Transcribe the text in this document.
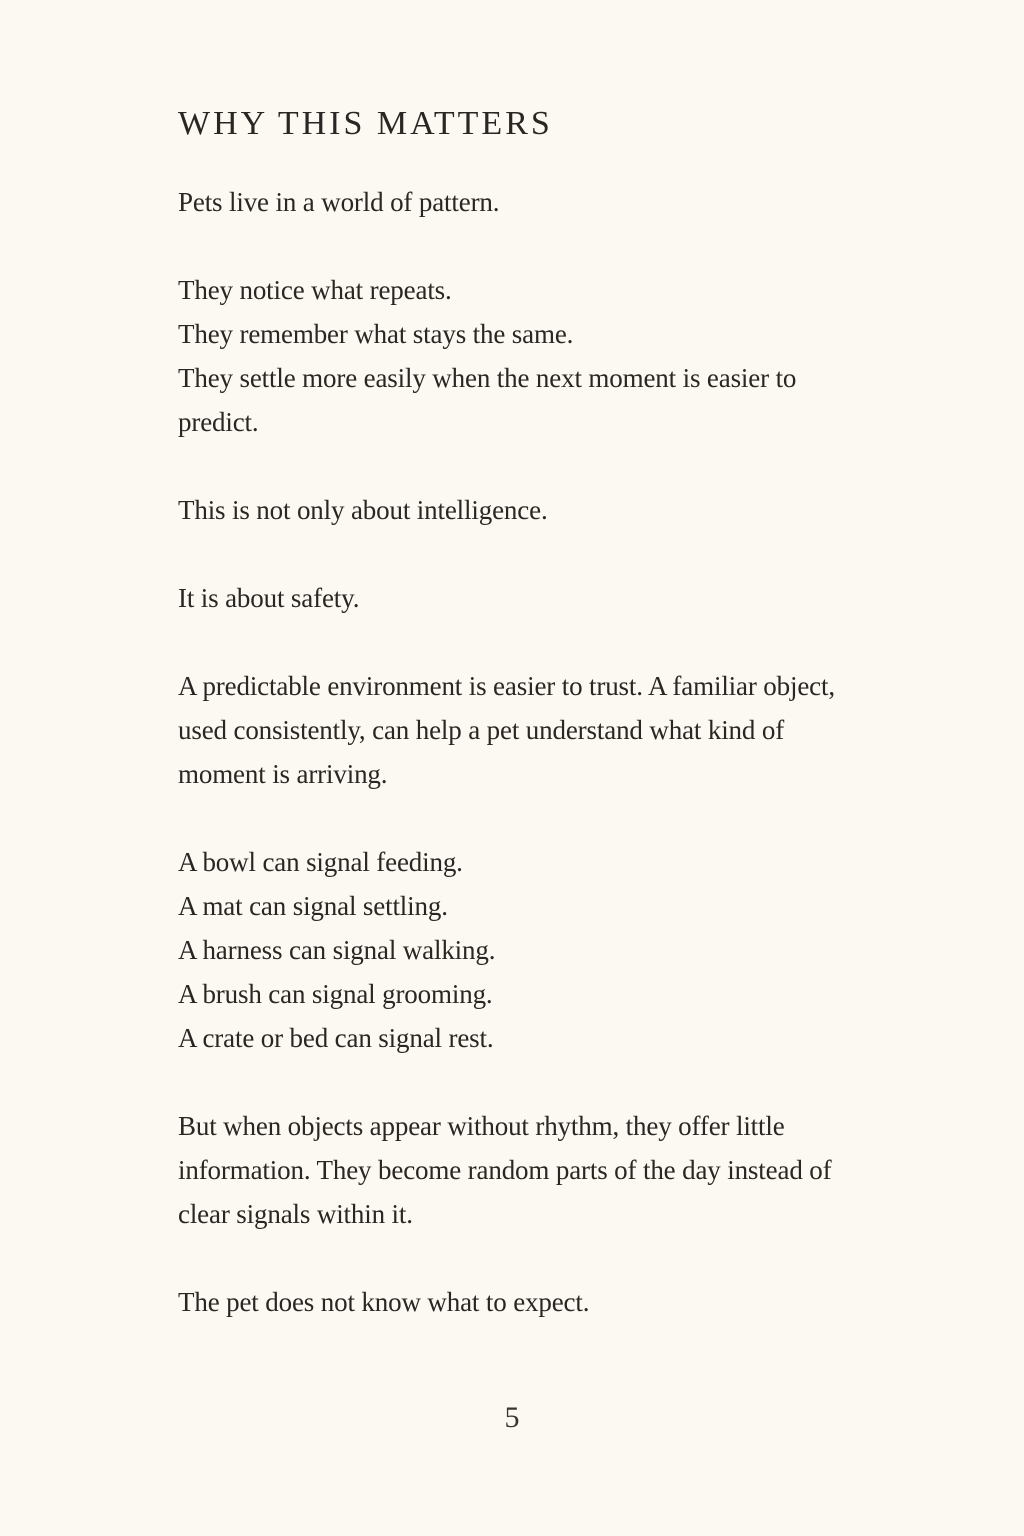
WHY THIS MATTERS

Pets live in a world of pattern.

They notice what repeats.
They remember what stays the same.
They settle more easily when the next moment is easier to predict.

This is not only about intelligence.

It is about safety.

A predictable environment is easier to trust. A familiar object, used consistently, can help a pet understand what kind of moment is arriving.

A bowl can signal feeding.
A mat can signal settling.
A harness can signal walking.
A brush can signal grooming.
A crate or bed can signal rest.

But when objects appear without rhythm, they offer little information. They become random parts of the day instead of clear signals within it.

The pet does not know what to expect.

5
